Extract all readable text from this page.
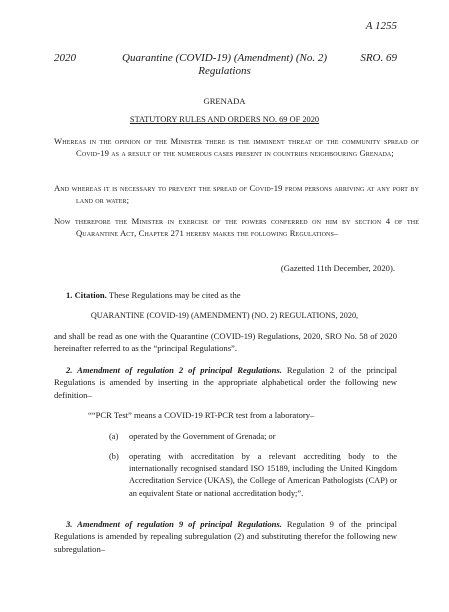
A 1255
2020	Quarantine (COVID-19) (Amendment) (No. 2)
Regulations
SRO. 69
GRENADA
STATUTORY RULES AND ORDERS NO. 69 OF 2020
Whereas in the opinion of the Minister there is the imminent threat of the community spread of Covid-19 as a result of the numerous cases present in countries neighbouring Grenada;
And whereas it is necessary to prevent the spread of Covid-19 from persons arriving at any port by land or water;
Now therefore the Minister in exercise of the powers conferred on him by section 4 of the Quarantine Act, Chapter 271 hereby makes the following Regulations–
(Gazetted 11th December, 2020).
1. Citation. These Regulations may be cited as the
QUARANTINE (COVID-19) (AMENDMENT) (NO. 2) REGULATIONS, 2020,
and shall be read as one with the Quarantine (COVID-19) Regulations, 2020, SRO No. 58 of 2020 hereinafter referred to as the “principal Regulations”.
2. Amendment of regulation 2 of principal Regulations. Regulation 2 of the principal Regulations is amended by inserting in the appropriate alphabetical order the following new definition–
““PCR Test” means a COVID-19 RT-PCR test from a laboratory–
(a)	operated by the Government of Grenada; or
(b)	operating with accreditation by a relevant accrediting body to the internationally recognised standard ISO 15189, including the United Kingdom Accreditation Service (UKAS), the College of American Pathologists (CAP) or an equivalent State or national accreditation body;”.
3. Amendment of regulation 9 of principal Regulations. Regulation 9 of the principal Regulations is amended by repealing subregulation (2) and substituting therefor the following new subregulation–
